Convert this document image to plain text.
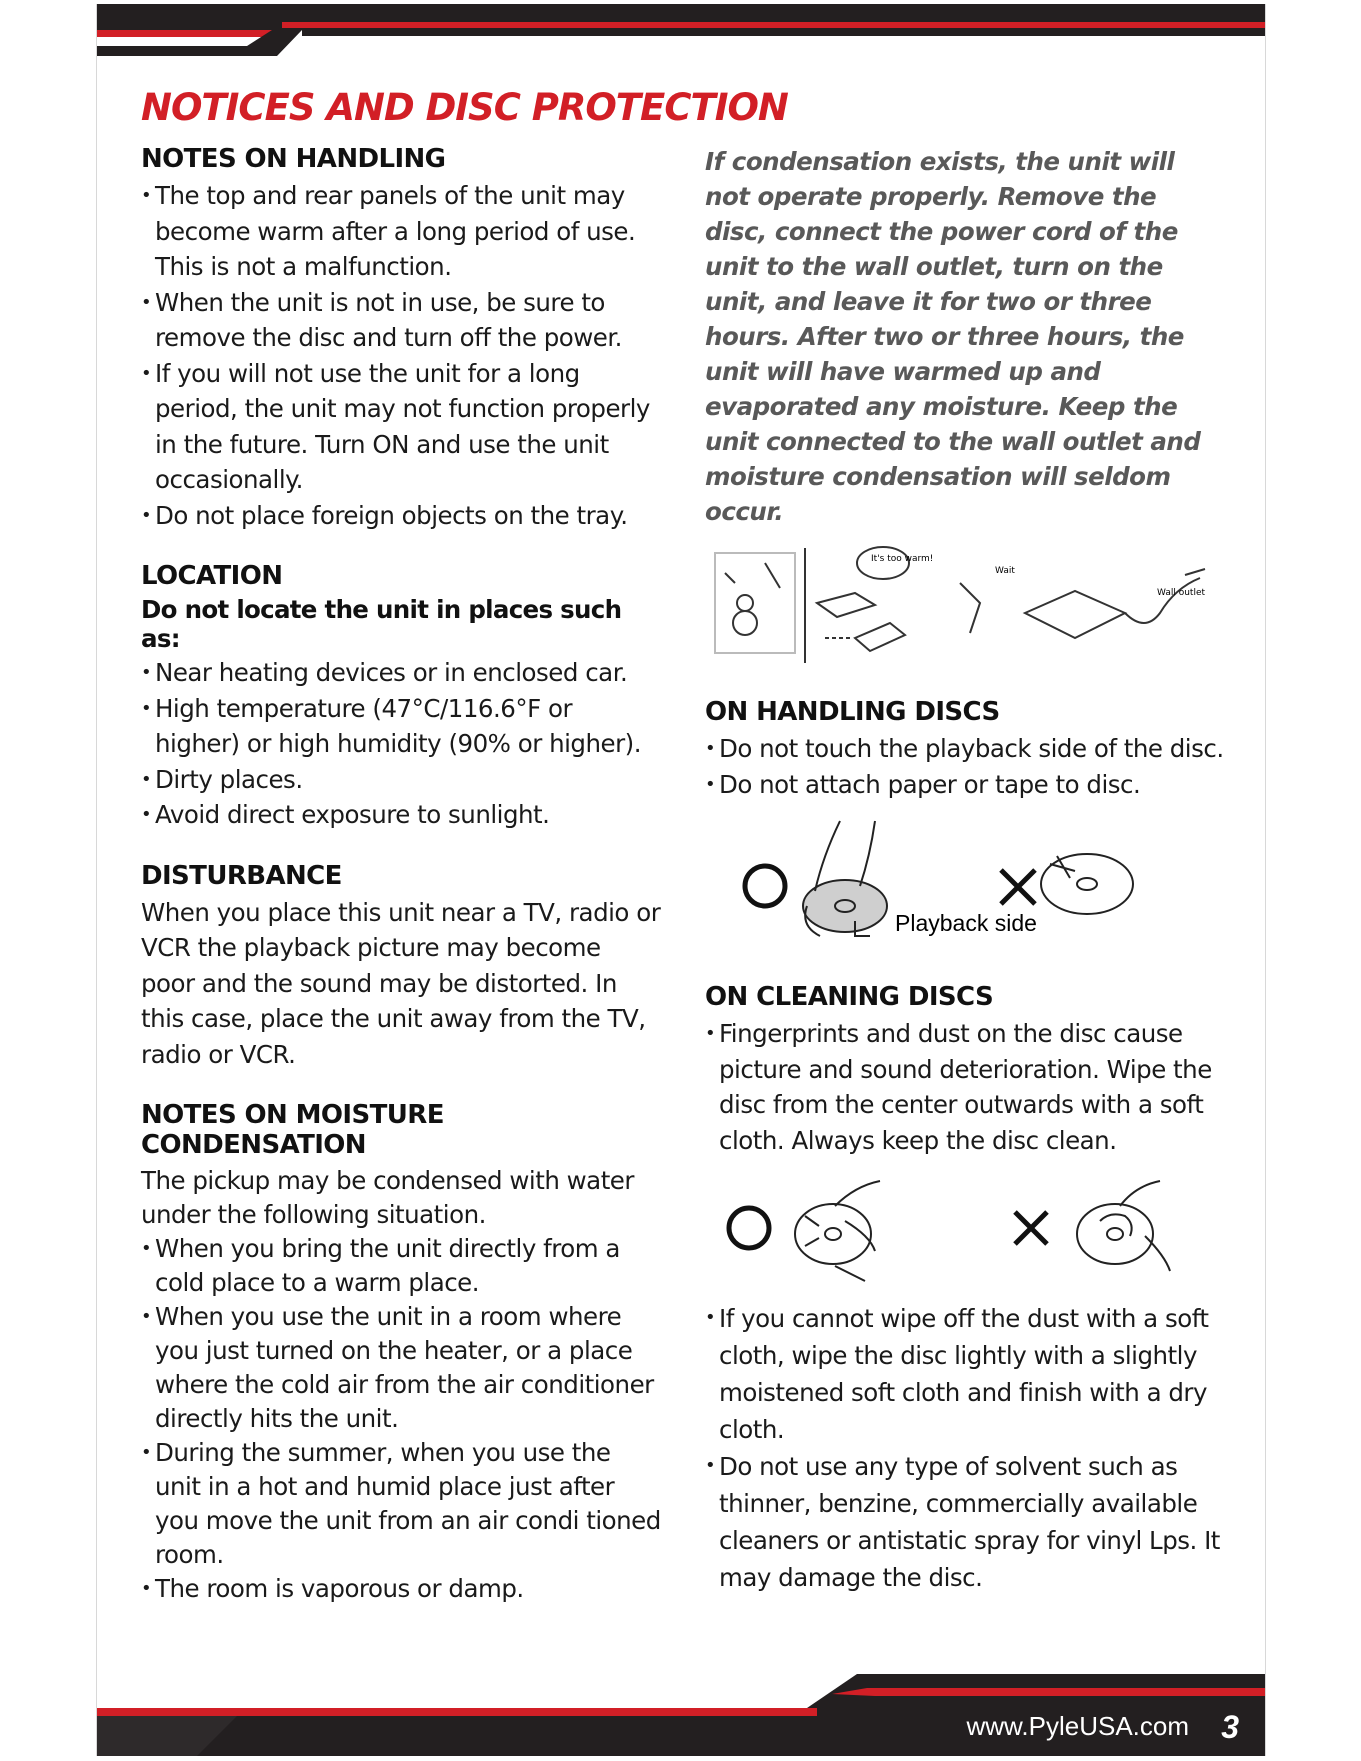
NOTICES AND DISC PROTECTION
NOTES ON HANDLING
• The top and rear panels of the unit may become warm after a long period of use. This is not a malfunction.
• When the unit is not in use, be sure to remove the disc and turn off the power.
• If you will not use the unit for a long period, the unit may not function properly in the future. Turn ON and use the unit occasionally.
• Do not place foreign objects on the tray.
LOCATION
Do not locate the unit in places such as:
• Near heating devices or in enclosed car.
• High temperature (47°C/116.6°F or higher) or high humidity (90% or higher).
• Dirty places.
• Avoid direct exposure to sunlight.
DISTURBANCE

When you place this unit near a TV, radio or VCR the playback picture may become poor and the sound may be distorted. In this case, place the unit away from the TV, radio or VCR.

NOTES ON MOISTURE CONDENSATION

The pickup may be condensed with water under the following situation.

• When you bring the unit directly from a cold place to a warm place.
• When you use the unit in a room where you just turned on the heater, or a place where the cold air from the air conditioner directly hits the unit.
• During the summer, when you use the unit in a hot and humid place just after you move the unit from an air condi tioned room.
• The room is vaporous or damp.

If condensation exists, the unit will not operate properly. Remove the disc, connect the power cord of the unit to the wall outlet, turn on the unit, and leave it for two or three hours. After two or three hours, the unit will have warmed up and evaporated any moisture. Keep the unit connected to the wall outlet and moisture condensation will seldom occur.

It's too warm!
Wait
Wall outlet
ON HANDLING DISCS
• Do not touch the playback side of the disc.
• Do not attach paper or tape to disc.
Playback side
ON CLEANING DISCS
• Fingerprints and dust on the disc cause picture and sound deterioration. Wipe the disc from the center outwards with a soft cloth. Always keep the disc clean.
• If you cannot wipe off the dust with a soft cloth, wipe the disc lightly with a slightly moistened soft cloth and finish with a dry cloth.
• Do not use any type of solvent such as thinner, benzine, commercially available cleaners or antistatic spray for vinyl Lps. It may damage the disc.
www.PyleUSA.com 3
